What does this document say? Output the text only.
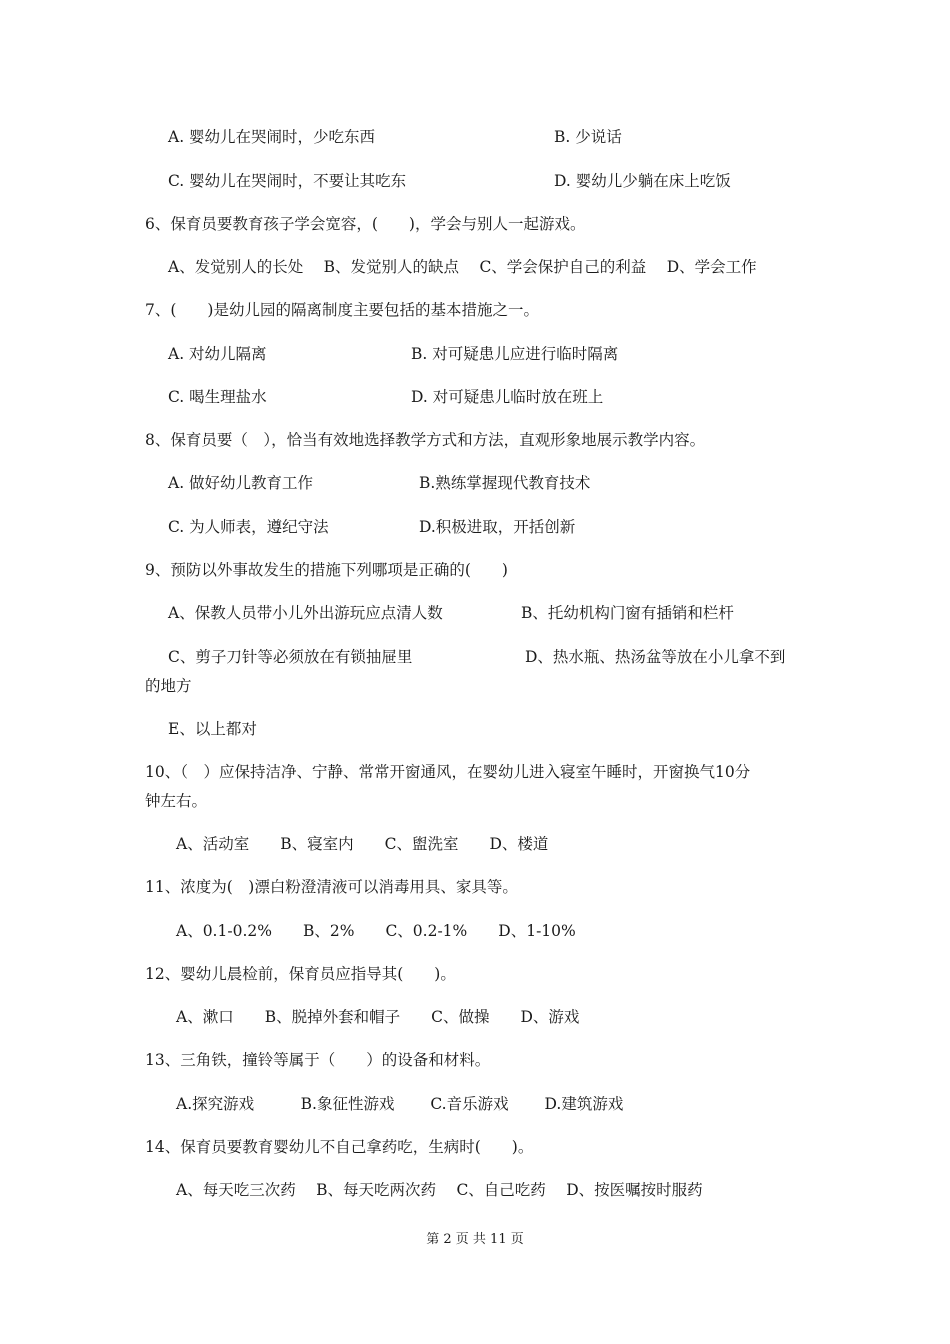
A. 婴幼儿在哭闹时，少吃东西	B. 少说话
C. 婴幼儿在哭闹时，不要让其吃东	D. 婴幼儿少躺在床上吃饭
6、保育员要教育孩子学会宽容，(　　)，学会与别人一起游戏。
A、发觉别人的长处　 B、发觉别人的缺点　 C、学会保护自己的利益　 D、学会工作
7、(　　)是幼儿园的隔离制度主要包括的基本措施之一。
A. 对幼儿隔离	B. 对可疑患儿应进行临时隔离
C. 喝生理盐水	D. 对可疑患儿临时放在班上
8、保育员要（　），恰当有效地选择教学方式和方法，直观形象地展示教学内容。
A. 做好幼儿教育工作	B.熟练掌握现代教育技术
C. 为人师表，遵纪守法	D.积极进取，开括创新
9、预防以外事故发生的措施下列哪项是正确的(　　)
A、保教人员带小儿外出游玩应点清人数	B、托幼机构门窗有插销和栏杆
C、剪子刀针等必须放在有锁抽屉里	D、热水瓶、热汤盆等放在小儿拿不到
的地方
E、以上都对
10、（　）应保持洁净、宁静、常常开窗通风，在婴幼儿进入寝室午睡时，开窗换气10分
钟左右。
A、活动室　　B、寝室内　　C、盥洗室　　D、楼道
11、浓度为(　)漂白粉澄清液可以消毒用具、家具等。
A、0.1-0.2%　　B、2%　　C、0.2-1%　　D、1-10%
12、婴幼儿晨检前，保育员应指导其(　　)。
A、漱口　　B、脱掉外套和帽子　　C、做操　　D、游戏
13、三角铁，撞铃等属于（　　）的设备和材料。
A.探究游戏　　　B.象征性游戏　　 C.音乐游戏　　 D.建筑游戏
14、保育员要教育婴幼儿不自己拿药吃，生病时(　　)。
A、每天吃三次药　 B、每天吃两次药　 C、自己吃药　 D、按医嘱按时服药
第 2 页 共 11 页
